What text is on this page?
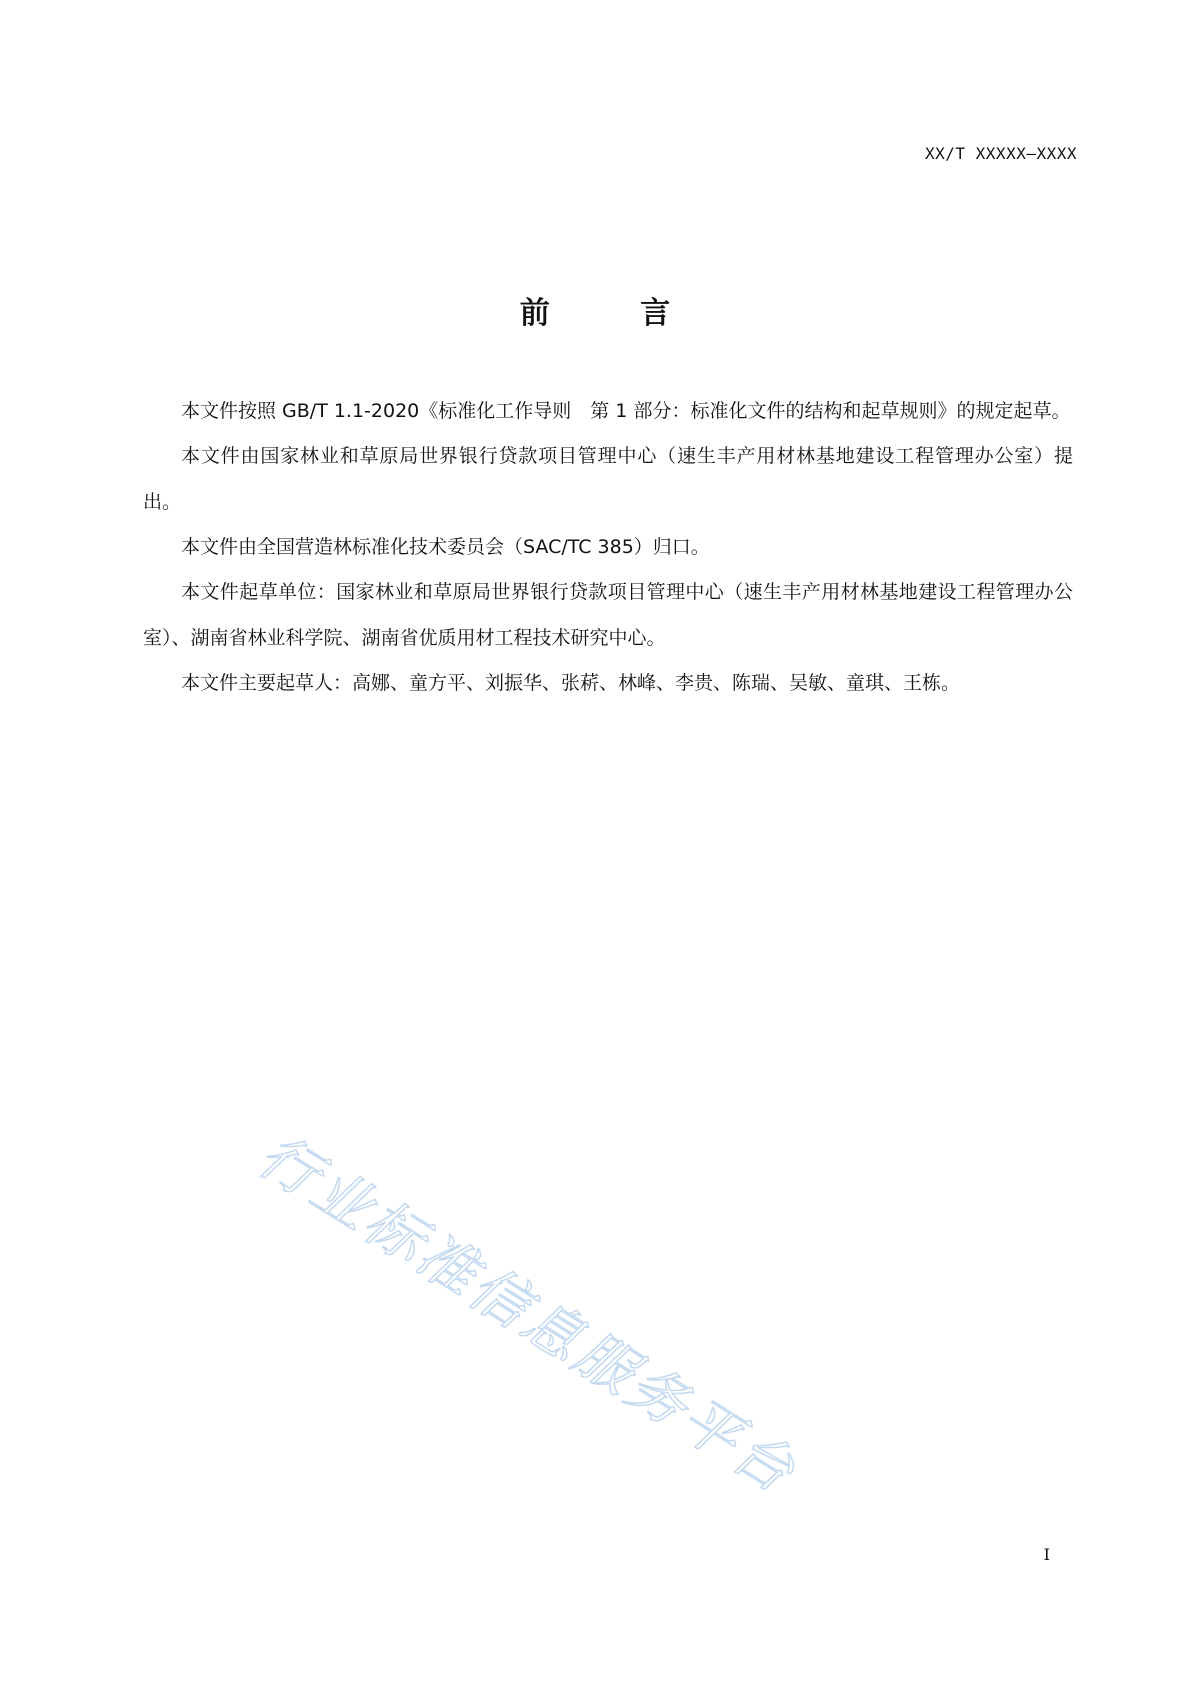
XX/T XXXXX—XXXX
前 言

本文件按照 GB/T 1.1-2020《标准化工作导则　第 1 部分：标准化文件的结构和起草规则》的规定起草。

本文件由国家林业和草原局世界银行贷款项目管理中心（速生丰产用材林基地建设工程管理办公室）提出。

本文件由全国营造林标准化技术委员会（SAC/TC 385）归口。

本文件起草单位：国家林业和草原局世界银行贷款项目管理中心（速生丰产用材林基地建设工程管理办公室）、湖南省林业科学院、湖南省优质用材工程技术研究中心。

本文件主要起草人：高娜、童方平、刘振华、张菥、林峰、李贵、陈瑞、吴敏、童琪、王栋。

行业标准信息服务平台
I
